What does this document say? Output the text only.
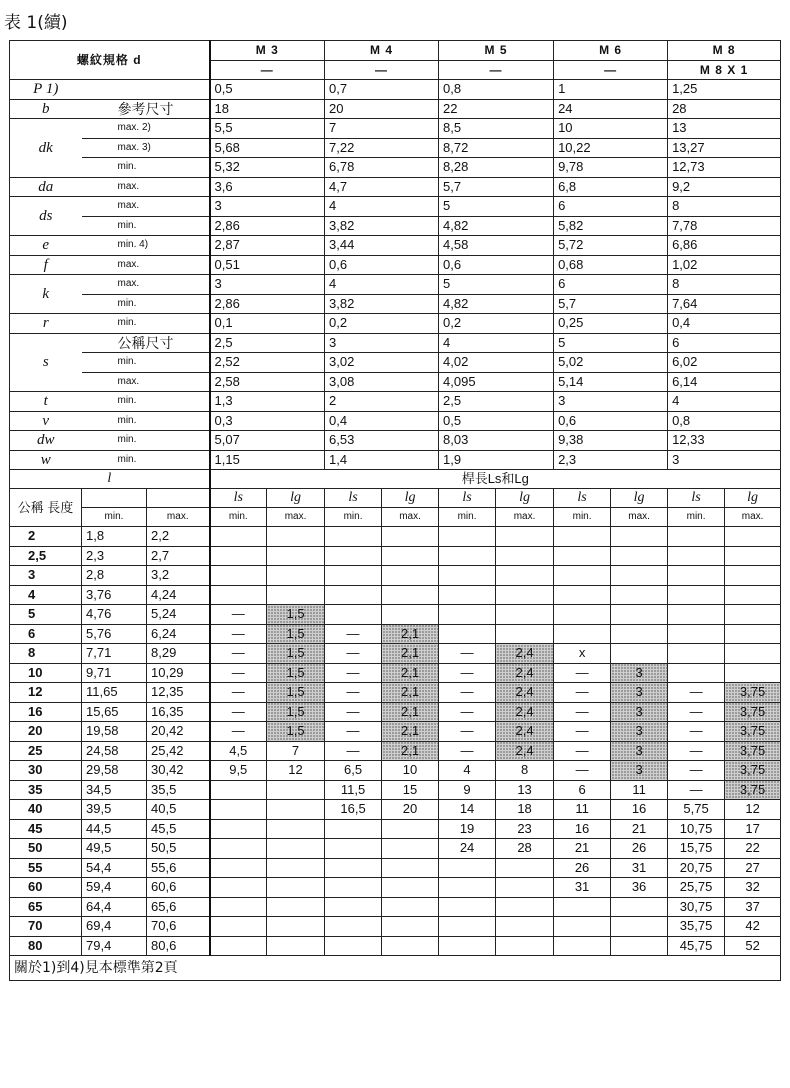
表 1(續)
螺紋規格 d			M 3		M 4		M 5		M 6		M 8	
			—		—		—		—		M 8 X 1	
P 1)			0,5		0,7		0,8		1		1,25	
b	參考尺寸		18		20		22		24		28	
dk	max. 2)		5,5		7		8,5		10		13	
	max. 3)		5,68		7,22		8,72		10,22		13,27	
	min.		5,32		6,78		8,28		9,78		12,73	
da	max.		3,6		4,7		5,7		6,8		9,2	
ds	max.		3		4		5		6		8	
	min.		2,86		3,82		4,82		5,82		7,78	
e	min. 4)		2,87		3,44		4,58		5,72		6,86	
f	max.		0,51		0,6		0,6		0,68		1,02	
k	max.		3		4		5		6		8	
	min.		2,86		3,82		4,82		5,7		7,64	
r	min.		0,1		0,2		0,2		0,25		0,4	
s	公稱尺寸		2,5		3		4		5		6	
	min.		2,52		3,02		4,02		5,02		6,02	
	max.		2,58		3,08		4,095		5,14		6,14	
t	min.		1,3		2		2,5		3		4	
v	min.		0,3		0,4		0,5		0,6		0,8	
dw	min.		5,07		6,53		8,03		9,38		12,33	
w	min.		1,15		1,4		1,9		2,3		3	
l			桿長Ls和Lg									
公稱 長度			ls	lg	ls	lg	ls	lg	ls	lg	ls	lg
	min.	max.	min.	max.	min.	max.	min.	max.	min.	max.	min.	max.
2	1,8	2,2										
2,5	2,3	2,7										
3	2,8	3,2										
4	3,76	4,24										
5	4,76	5,24	—	1,5								
6	5,76	6,24	—	1,5	—	2,1						
8	7,71	8,29	—	1,5	—	2,1	—	2,4	x			
10	9,71	10,29	—	1,5	—	2,1	—	2,4	—	3		
12	11,65	12,35	—	1,5	—	2,1	—	2,4	—	3	—	3,75
16	15,65	16,35	—	1,5	—	2,1	—	2,4	—	3	—	3,75
20	19,58	20,42	—	1,5	—	2,1	—	2,4	—	3	—	3,75
25	24,58	25,42	4,5	7	—	2,1	—	2,4	—	3	—	3,75
30	29,58	30,42	9,5	12	6,5	10	4	8	—	3	—	3,75
35	34,5	35,5			11,5	15	9	13	6	11	—	3,75
40	39,5	40,5			16,5	20	14	18	11	16	5,75	12
45	44,5	45,5					19	23	16	21	10,75	17
50	49,5	50,5					24	28	21	26	15,75	22
55	54,4	55,6							26	31	20,75	27
60	59,4	60,6							31	36	25,75	32
65	64,4	65,6									30,75	37
70	69,4	70,6									35,75	42
80	79,4	80,6									45,75	52
關於1)到4)見本標準第2頁												
